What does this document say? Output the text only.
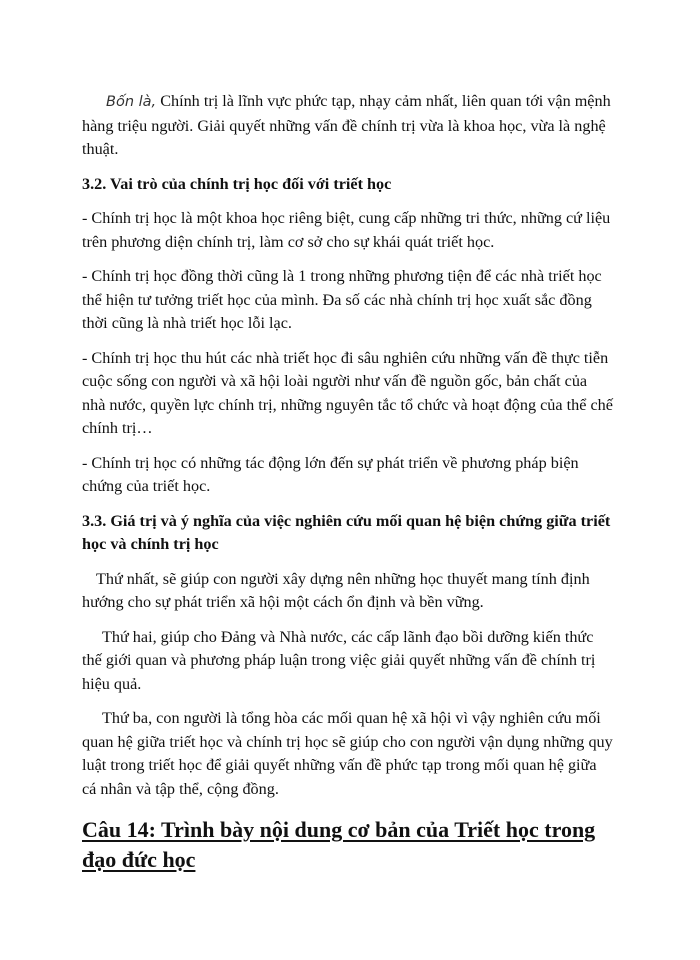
Bốn là, Chính trị là lĩnh vực phức tạp, nhạy cảm nhất, liên quan tới vận mệnh hàng triệu người. Giải quyết những vấn đề chính trị vừa là khoa học, vừa là nghệ thuật.

3.2. Vai trò của chính trị học đối với triết học

- Chính trị học là một khoa học riêng biệt, cung cấp những tri thức, những cứ liệu trên phương diện chính trị, làm cơ sở cho sự khái quát triết học.

- Chính trị học đồng thời cũng là 1 trong những phương tiện để các nhà triết học thể hiện tư tưởng triết học của mình. Đa số các nhà chính trị học xuất sắc đồng thời cũng là nhà triết học lỗi lạc.

- Chính trị học thu hút các nhà triết học đi sâu nghiên cứu những vấn đề thực tiễn cuộc sống con người và xã hội loài người như vấn đề nguồn gốc, bản chất của nhà nước, quyền lực chính trị, những nguyên tắc tổ chức và hoạt động của thể chế chính trị…

- Chính trị học có những tác động lớn đến sự phát triển về phương pháp biện chứng của triết học.

3.3. Giá trị và ý nghĩa của việc nghiên cứu mối quan hệ biện chứng giữa triết học và chính trị học

Thứ nhất, sẽ giúp con người xây dựng nên những học thuyết mang tính định hướng cho sự phát triển xã hội một cách ổn định và bền vững.

Thứ hai, giúp cho Đảng và Nhà nước, các cấp lãnh đạo bồi dưỡng kiến thức thế giới quan và phương pháp luận trong việc giải quyết những vấn đề chính trị hiệu quả.

Thứ ba, con người là tổng hòa các mối quan hệ xã hội vì vậy nghiên cứu mối quan hệ giữa triết học và chính trị học sẽ giúp cho con người vận dụng những quy luật trong triết học để giải quyết những vấn đề phức tạp trong mối quan hệ giữa cá nhân và tập thể, cộng đồng.

Câu 14: Trình bày nội dung cơ bản của Triết học trong đạo đức học
